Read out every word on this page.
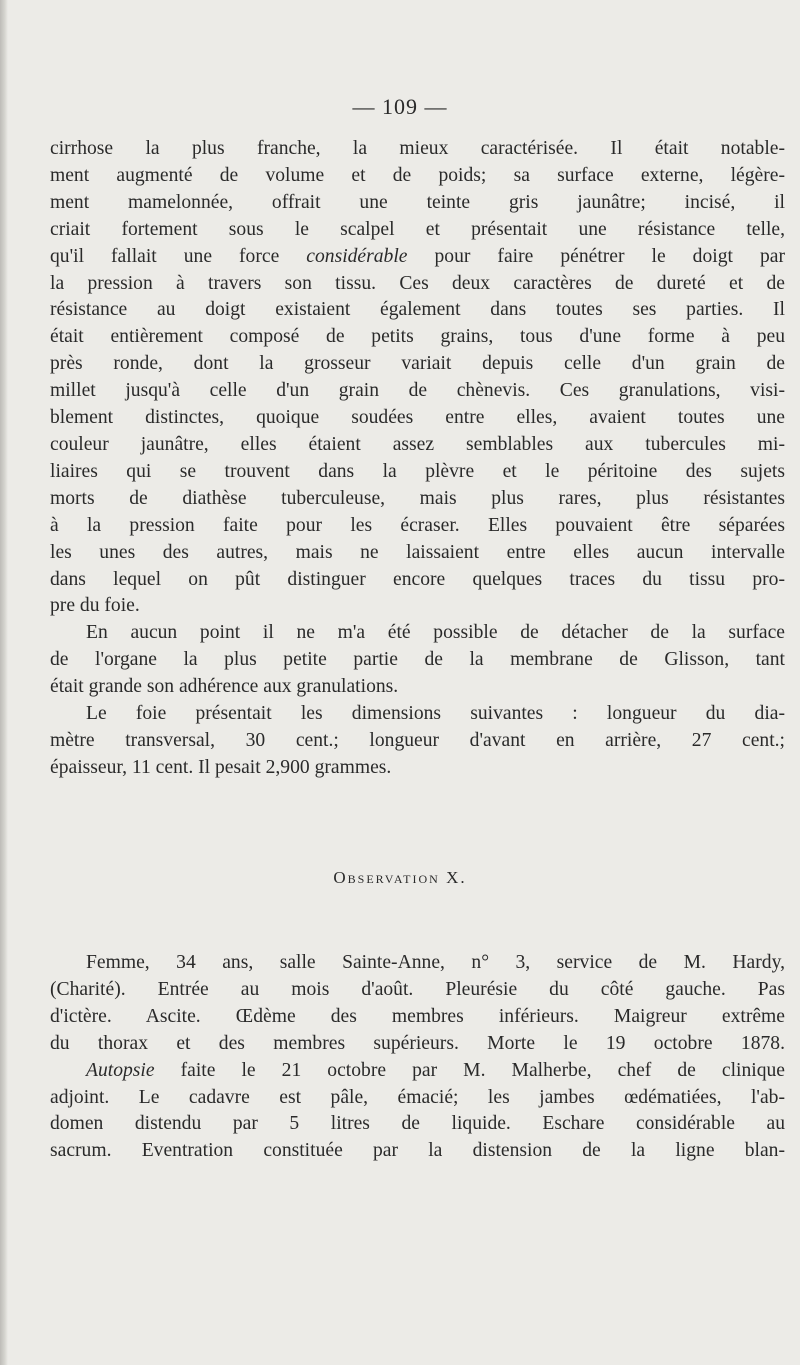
— 109 —

cirrhose la plus franche, la mieux caractérisée. Il était notable-

ment augmenté de volume et de poids; sa surface externe, légère-

ment mamelonnée, offrait une teinte gris jaunâtre; incisé, il

criait fortement sous le scalpel et présentait une résistance telle,

qu'il fallait une force considérable pour faire pénétrer le doigt par

la pression à travers son tissu. Ces deux caractères de dureté et de

résistance au doigt existaient également dans toutes ses parties. Il

était entièrement composé de petits grains, tous d'une forme à peu

près ronde, dont la grosseur variait depuis celle d'un grain de

millet jusqu'à celle d'un grain de chènevis. Ces granulations, visi-

blement distinctes, quoique soudées entre elles, avaient toutes une

couleur jaunâtre, elles étaient assez semblables aux tubercules mi-

liaires qui se trouvent dans la plèvre et le péritoine des sujets

morts de diathèse tuberculeuse, mais plus rares, plus résistantes

à la pression faite pour les écraser. Elles pouvaient être séparées

les unes des autres, mais ne laissaient entre elles aucun intervalle

dans lequel on pût distinguer encore quelques traces du tissu pro-

pre du foie.

En aucun point il ne m'a été possible de détacher de la surface

de l'organe la plus petite partie de la membrane de Glisson, tant

était grande son adhérence aux granulations.

Le foie présentait les dimensions suivantes : longueur du dia-

mètre transversal, 30 cent.; longueur d'avant en arrière, 27 cent.;

épaisseur, 11 cent. Il pesait 2,900 grammes.

Observation X.

Femme, 34 ans, salle Sainte-Anne, n° 3, service de M. Hardy,

(Charité). Entrée au mois d'août. Pleurésie du côté gauche. Pas

d'ictère. Ascite. Œdème des membres inférieurs. Maigreur extrême

du thorax et des membres supérieurs. Morte le 19 octobre 1878.

Autopsie faite le 21 octobre par M. Malherbe, chef de clinique

adjoint. Le cadavre est pâle, émacié; les jambes œdématiées, l'ab-

domen distendu par 5 litres de liquide. Eschare considérable au

sacrum. Eventration constituée par la distension de la ligne blan-
